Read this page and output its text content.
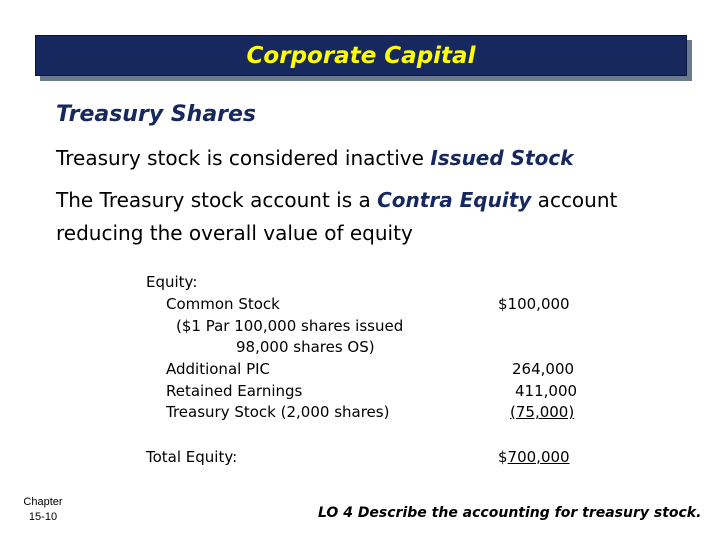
Corporate Capital
Treasury Shares
Treasury stock is considered inactive Issued Stock
The Treasury stock account is a Contra Equity account
reducing the overall value of equity
Equity:
Common Stock	$100,000
($1 Par 100,000 shares issued
98,000 shares OS)
Additional PIC	264,000
Retained Earnings	411,000
Treasury Stock (2,000 shares)	(75,000)
Total Equity:	$700,000
Chapter
15-10	LO 4 Describe the accounting for treasury stock.
